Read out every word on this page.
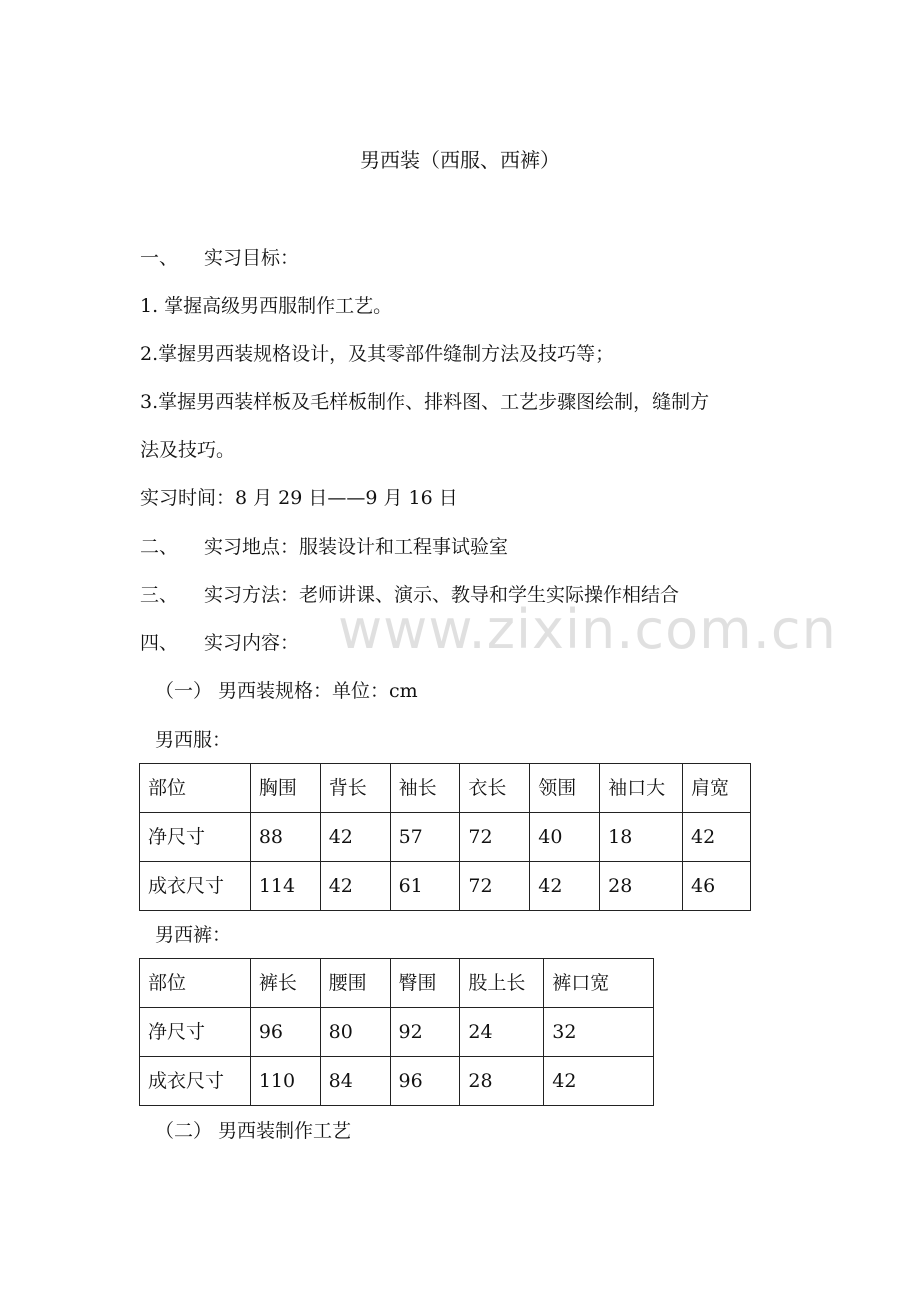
男西装（西服、西裤）
一、 实习目标：
1. 掌握高级男西服制作工艺。
2.掌握男西装规格设计，及其零部件缝制方法及技巧等；
3.掌握男西装样板及毛样板制作、排料图、工艺步骤图绘制，缝制方
法及技巧。
实习时间：8 月 29 日——9 月 16 日
二、 实习地点：服装设计和工程事试验室
三、 实习方法：老师讲课、演示、教导和学生实际操作相结合
四、 实习内容： www.zixin.com.cn
（一） 男西装规格：单位：cm
男西服：
部位	胸围	背长	袖长	衣长	领围	袖口大	肩宽
净尺寸	88	42	57	72	40	18	42
成衣尺寸	114	42	61	72	42	28	46
男西裤：
部位	裤长	腰围	臀围	股上长	裤口宽
净尺寸	96	80	92	24	32
成衣尺寸	110	84	96	28	42
（二） 男西装制作工艺
